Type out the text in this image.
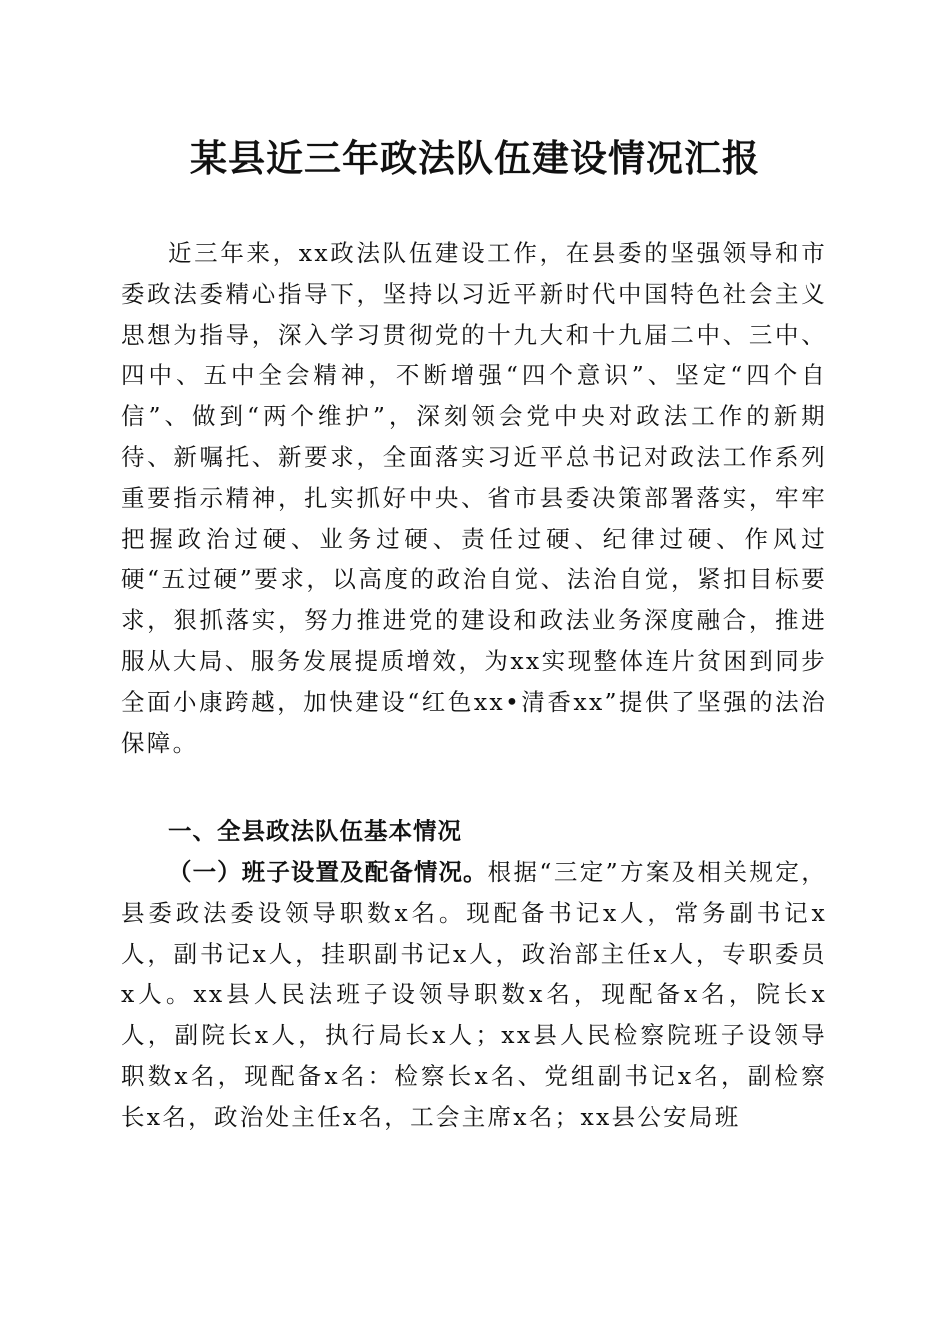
某县近三年政法队伍建设情况汇报

近三年来，xx政法队伍建设工作，在县委的坚强领导和市委政法委精心指导下，坚持以习近平新时代中国特色社会主义思想为指导，深入学习贯彻党的十九大和十九届二中、三中、四中、五中全会精神，不断增强“四个意识”、坚定“四个自信”、做到“两个维护”，深刻领会党中央对政法工作的新期待、新嘱托、新要求，全面落实习近平总书记对政法工作系列重要指示精神，扎实抓好中央、省市县委决策部署落实，牢牢把握政治过硬、业务过硬、责任过硬、纪律过硬、作风过硬“五过硬”要求，以高度的政治自觉、法治自觉，紧扣目标要求，狠抓落实，努力推进党的建设和政法业务深度融合，推进服从大局、服务发展提质增效，为xx实现整体连片贫困到同步全面小康跨越，加快建设“红色xx•清香xx”提供了坚强的法治保障。

一、全县政法队伍基本情况

（一）班子设置及配备情况。根据“三定”方案及相关规定，县委政法委设领导职数x名。现配备书记x人，常务副书记x人，副书记x人，挂职副书记x人，政治部主任x人，专职委员x人。xx县人民法班子设领导职数x名，现配备x名，院长x人，副院长x人，执行局长x人；xx县人民检察院班子设领导职数x名，现配备x名：检察长x名、党组副书记x名，副检察长x名，政治处主任x名，工会主席x名；xx县公安局班
